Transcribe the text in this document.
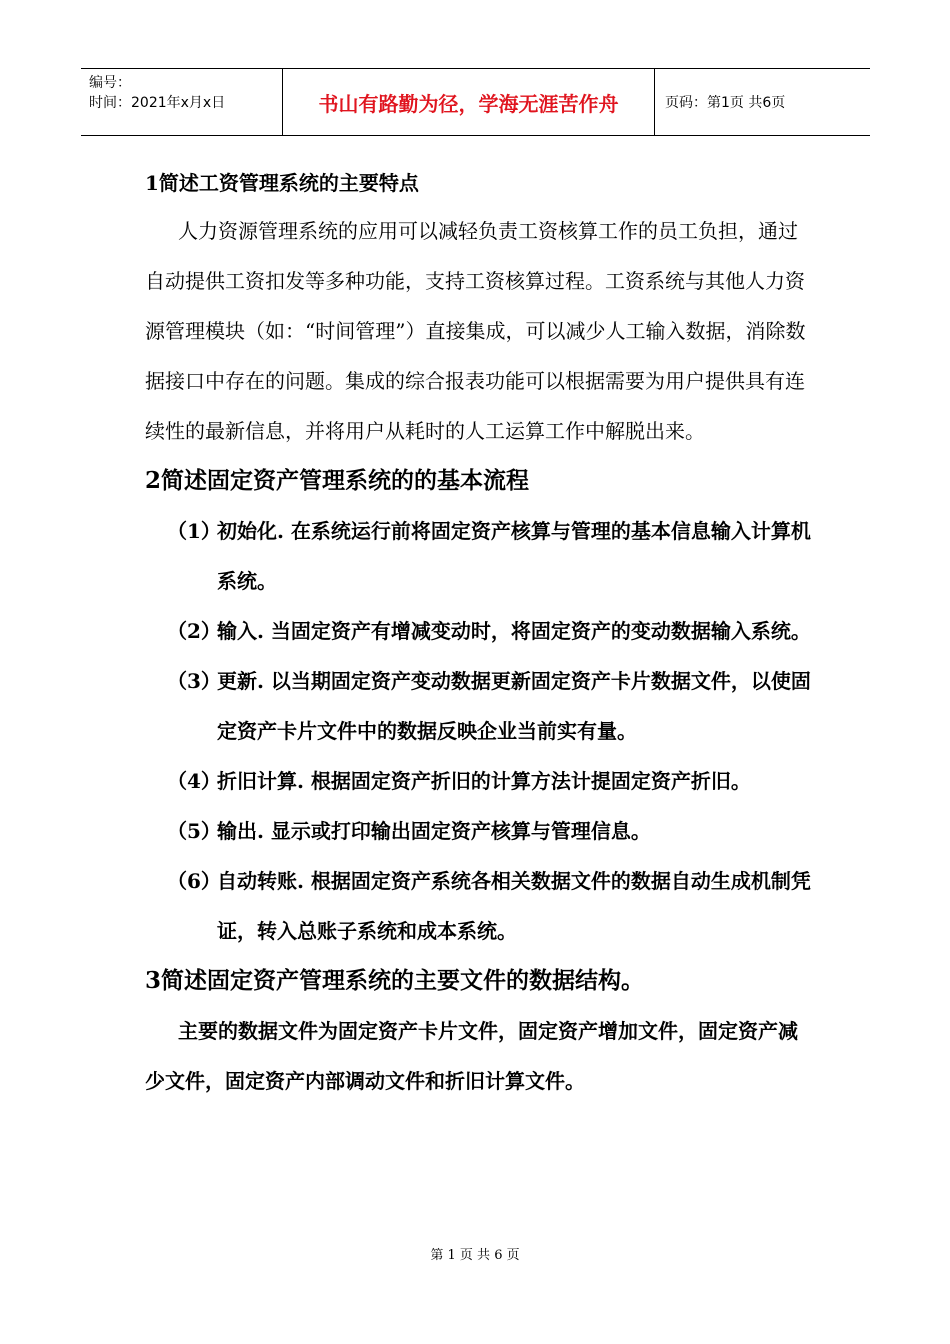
编号：
时间：2021年x月x日	书山有路勤为径，学海无涯苦作舟	页码：第1页 共6页
1简述工资管理系统的主要特点

人力资源管理系统的应用可以减轻负责工资核算工作的员工负担，通过自动提供工资扣发等多种功能，支持工资核算过程。工资系统与其他人力资源管理模块（如：“时间管理”）直接集成，可以减少人工输入数据，消除数据接口中存在的问题。集成的综合报表功能可以根据需要为用户提供具有连续性的最新信息，并将用户从耗时的人工运算工作中解脱出来。

2简述固定资产管理系统的的基本流程
（1）
初始化. 在系统运行前将固定资产核算与管理的基本信息输入计算机系统。
（2）
输入. 当固定资产有增减变动时，将固定资产的变动数据输入系统。
（3）
更新. 以当期固定资产变动数据更新固定资产卡片数据文件，以使固定资产卡片文件中的数据反映企业当前实有量。
（4）
折旧计算. 根据固定资产折旧的计算方法计提固定资产折旧。
（5）
输出. 显示或打印输出固定资产核算与管理信息。
（6）
自动转账. 根据固定资产系统各相关数据文件的数据自动生成机制凭证，转入总账子系统和成本系统。
3简述固定资产管理系统的主要文件的数据结构。

主要的数据文件为固定资产卡片文件，固定资产增加文件，固定资产减少文件，固定资产内部调动文件和折旧计算文件。

第 1 页 共 6 页
